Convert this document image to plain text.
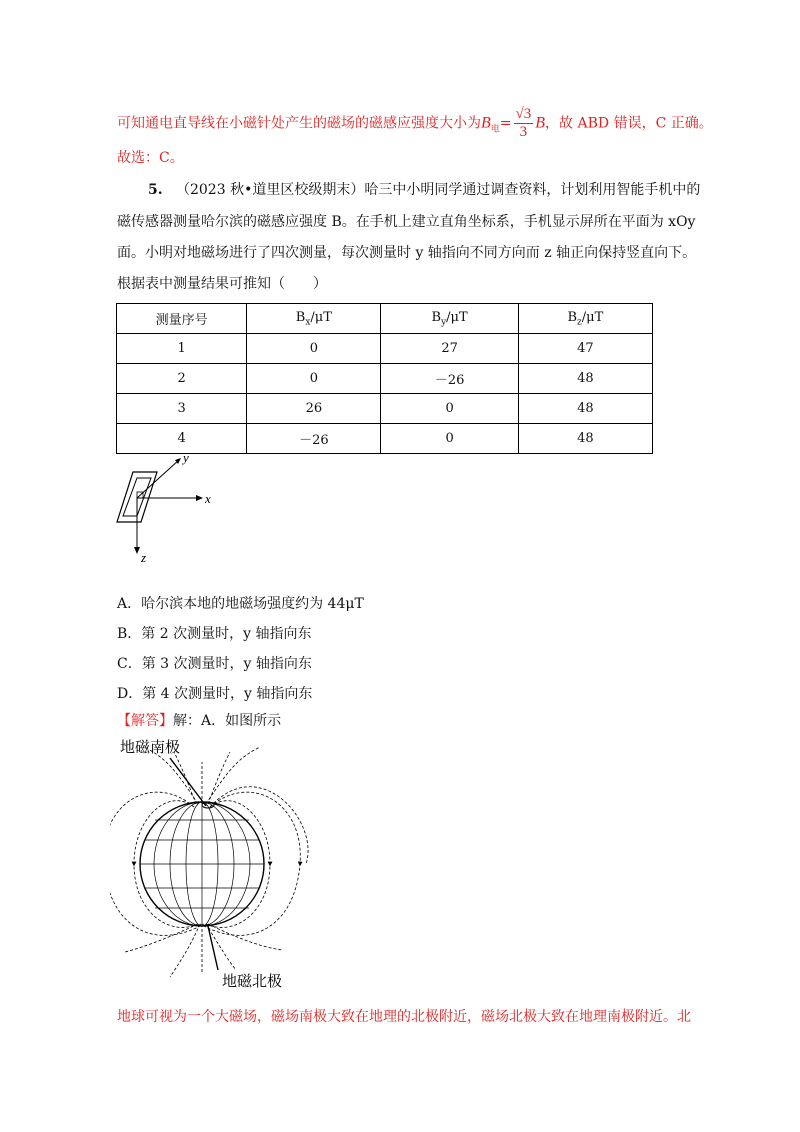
可知通电直导线在小磁针处产生的磁场的磁感应强度大小为$B_电= \frac{√3}{3}$ B，故 ABD 错误，C 正确。
故选：C。
5. （2023 秋•道里区校级期末）哈三中小明同学通过调查资料，计划利用智能手机中的
磁传感器测量哈尔滨的磁感应强度 B。在手机上建立直角坐标系，手机显示屏所在平面为 xOy
面。小明对地磁场进行了四次测量，每次测量时 y 轴指向不同方向而 z 轴正向保持竖直向下。
根据表中测量结果可推知（　　）
测量序号	$B_x/\mu T$	$B_y/\mu T$	$B_z/\mu T$
1	0	27	47
2	0	－26	48
3	26	0	48
4	－26	0	48
y
x
z
A．哈尔滨本地的地磁场强度约为 44μT
B．第 2 次测量时，y 轴指向东
C．第 3 次测量时，y 轴指向东
D．第 4 次测量时，y 轴指向东
【解答】解：A．如图所示
地磁南极
地磁北极
地球可视为一个大磁场，磁场南极大致在地理的北极附近，磁场北极大致在地理南极附近。北
